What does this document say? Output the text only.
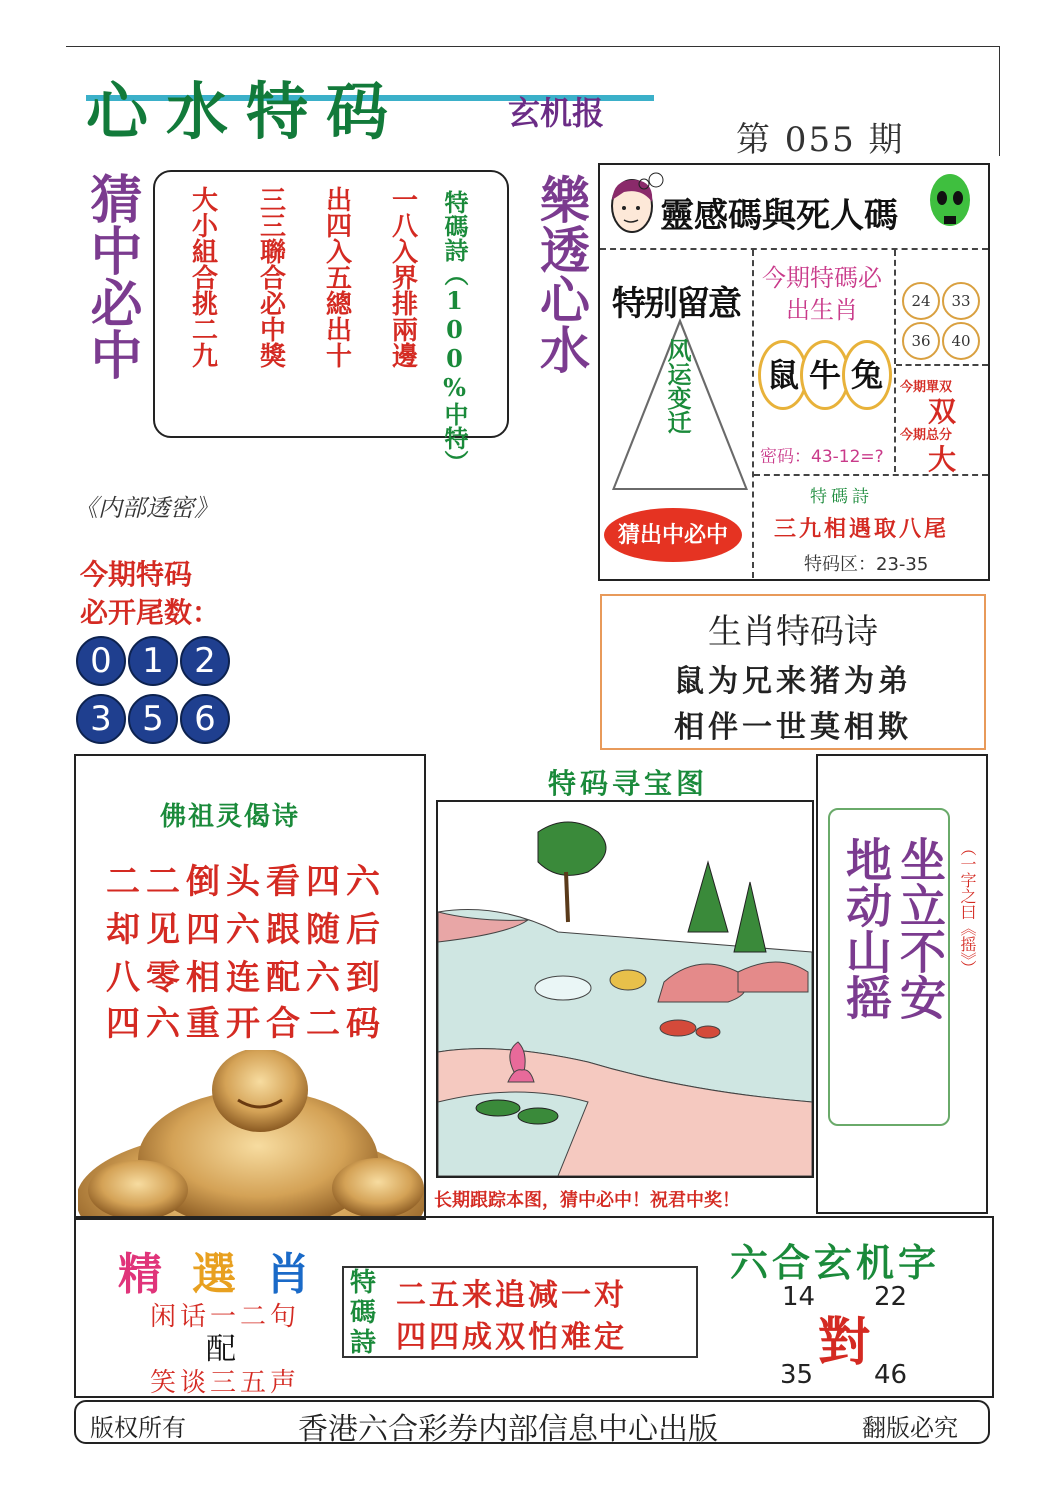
心水特码	玄机报
第 055 期
猜中必中 大小組合挑二九 三三聯合必中獎 出四入五總出十 一八入界排兩邊 特碼詩（100%中特） 樂透心水 靈感碼與死人碼
特别留意
风运变迁
猜出中必中
今期特碼必出生肖
鼠 牛 兔
密码：43-12=?
24	33
36	40
今期單双
双
今期总分
大
特碼詩
三九相遇取八尾
特码区：23-35
《内部透密》
今期特码
必开尾数：
0 1 2
3 5 6
生肖特码诗
鼠为兄来猪为弟
相伴一世莫相欺
佛祖灵偈诗
二二倒头看四六
却见四六跟随后
八零相连配六到
四六重开合二码
特码寻宝图
长期跟踪本图，猜中必中！祝君中奖！
坐立不安
地动山摇	（一字之曰《摇》）
精選肖
闲话一二句
配
笑谈三五声
特碼詩
二五来追减一对
四四成双怕难定
六合玄机字
14 22
35 46
對
版权所有	香港六合彩券内部信息中心出版	翻版必究
